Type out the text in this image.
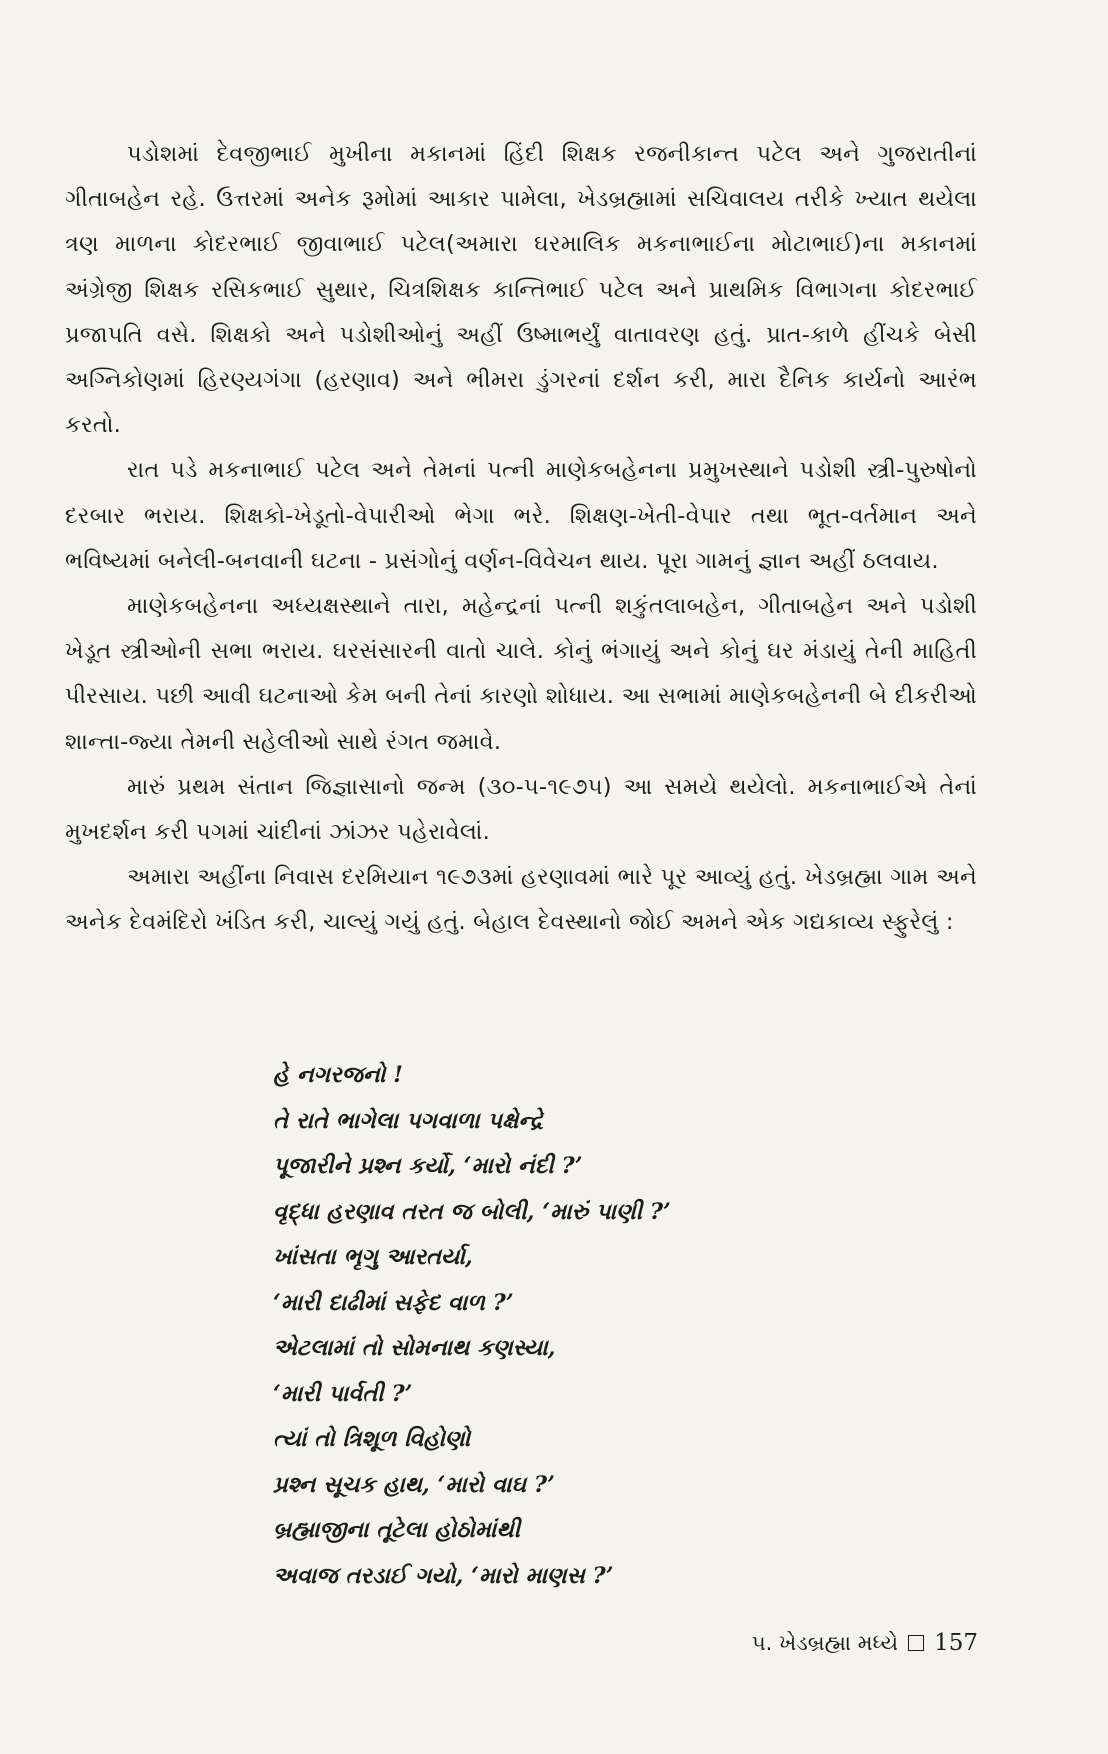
પડોશમાં દેવજીભાઈ મુખીના મકાનમાં હિંદી શિક્ષક રજનીકાન્ત પટેલ અને ગુજરાતીનાં ગીતાબહેન રહે. ઉત્તરમાં અનેક રૂમોમાં આકાર પામેલા, ખેડબ્રહ્મામાં સચિવાલય તરીકે ખ્યાત થયેલા ત્રણ માળના કોદરભાઈ જીવાભાઈ પટેલ(અમારા ઘરમાલિક મકનાભાઈના મોટાભાઈ)ના મકાનમાં અંગ્રેજી શિક્ષક રસિકભાઈ સુથાર, ચિત્રશિક્ષક કાન્તિભાઈ પટેલ અને પ્રાથમિક વિભાગના કોદરભાઈ પ્રજાપતિ વસે. શિક્ષકો અને પડોશીઓનું અહીં ઉષ્માભર્યું વાતાવરણ હતું. પ્રાત-કાળે હીંચકે બેસી અગ્નિકોણમાં હિરણ્યગંગા (હરણાવ) અને ભીમરા ડુંગરનાં દર્શન કરી, મારા દૈનિક કાર્યનો આરંભ કરતો.

રાત પડે મકનાભાઈ પટેલ અને તેમનાં પત્ની માણેકબહેનના પ્રમુખસ્થાને પડોશી સ્ત્રી-પુરુષોનો દરબાર ભરાય. શિક્ષકો-ખેડૂતો-વેપારીઓ ભેગા ભરે. શિક્ષણ-ખેતી-વેપાર તથા ભૂત-વર્તમાન અને ભવિષ્યમાં બનેલી-બનવાની ઘટના - પ્રસંગોનું વર્ણન-વિવેચન થાય. પૂરા ગામનું જ્ઞાન અહીં ઠલવાય.

માણેકબહેનના અધ્યક્ષસ્થાને તારા, મહેન્દ્રનાં પત્ની શકુંતલાબહેન, ગીતાબહેન અને પડોશી ખેડૂત સ્ત્રીઓની સભા ભરાય. ઘરસંસારની વાતો ચાલે. કોનું ભંગાયું અને કોનું ઘર મંડાયું તેની માહિતી પીરસાય. પછી આવી ઘટનાઓ કેમ બની તેનાં કારણો શોધાય. આ સભામાં માણેકબહેનની બે દીકરીઓ શાન્તા-જ્યા તેમની સહેલીઓ સાથે રંગત જમાવે.

મારું પ્રથમ સંતાન જિજ્ઞાસાનો જન્મ (૩૦-૫-૧૯૭૫) આ સમયે થયેલો. મકનાભાઈએ તેનાં મુખદર્શન કરી પગમાં ચાંદીનાં ઝાંઝર પહેરાવેલાં.

અમારા અહીંના નિવાસ દરમિયાન ૧૯૭૩માં હરણાવમાં ભારે પૂર આવ્યું હતું. ખેડબ્રહ્મા ગામ અને અનેક દેવમંદિરો ખંડિત કરી, ચાલ્યું ગયું હતું. બેહાલ દેવસ્થાનો જોઈ અમને એક ગદ્યકાવ્ય સ્ફુરેલું :

હે નગરજનો !
તે રાતે ભાગેલા પગવાળા પક્ષેન્દ્રે
પૂજારીને પ્રશ્ન કર્યો, ‘મારો નંદી ?’
વૃદ્ધા હરણાવ તરત જ બોલી, ‘મારું પાણી ?’
ખાંસતા ભૃગુ આરતર્યા,
‘મારી દાઢીમાં સફેદ વાળ ?’
એટલામાં તો સોમનાથ કણસ્યા,
‘મારી પાર્વતી ?’
ત્યાં તો ત્રિશૂળ વિહોણો
પ્રશ્ન સૂચક હાથ, ‘મારો વાઘ ?’
બ્રહ્માજીના તૂટેલા હોઠોમાંથી
અવાજ તરડાઈ ગયો, ‘મારો માણસ ?’
૫. ખેડબ્રહ્મા મધ્યે 157
